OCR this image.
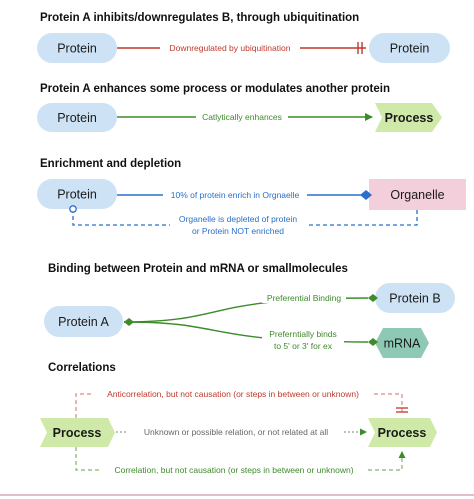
Protein A inhibits/downregulates B, through ubiquitination
Protein	Protein
Downregulated by ubiquitination
Protein A enhances some process or modulates another protein
Protein	Process
Catlytically enhances
Enrichment and depletion
Protein	Organelle
10% of protein enrich in Orgnaelle
Organelle is depleted of protein
or Protein NOT enriched
Binding between Protein and mRNA or smallmolecules
Protein A
Protein B
mRNA
Preferential Binding
Preferntially binds
to 5' or 3' for ex
Correlations
Process	Process
Anticorrelation, but not causation (or steps in between or unknown)
Unknown or possible relation, or not related at all
Correlation, but not causation (or steps in between or unknown)
